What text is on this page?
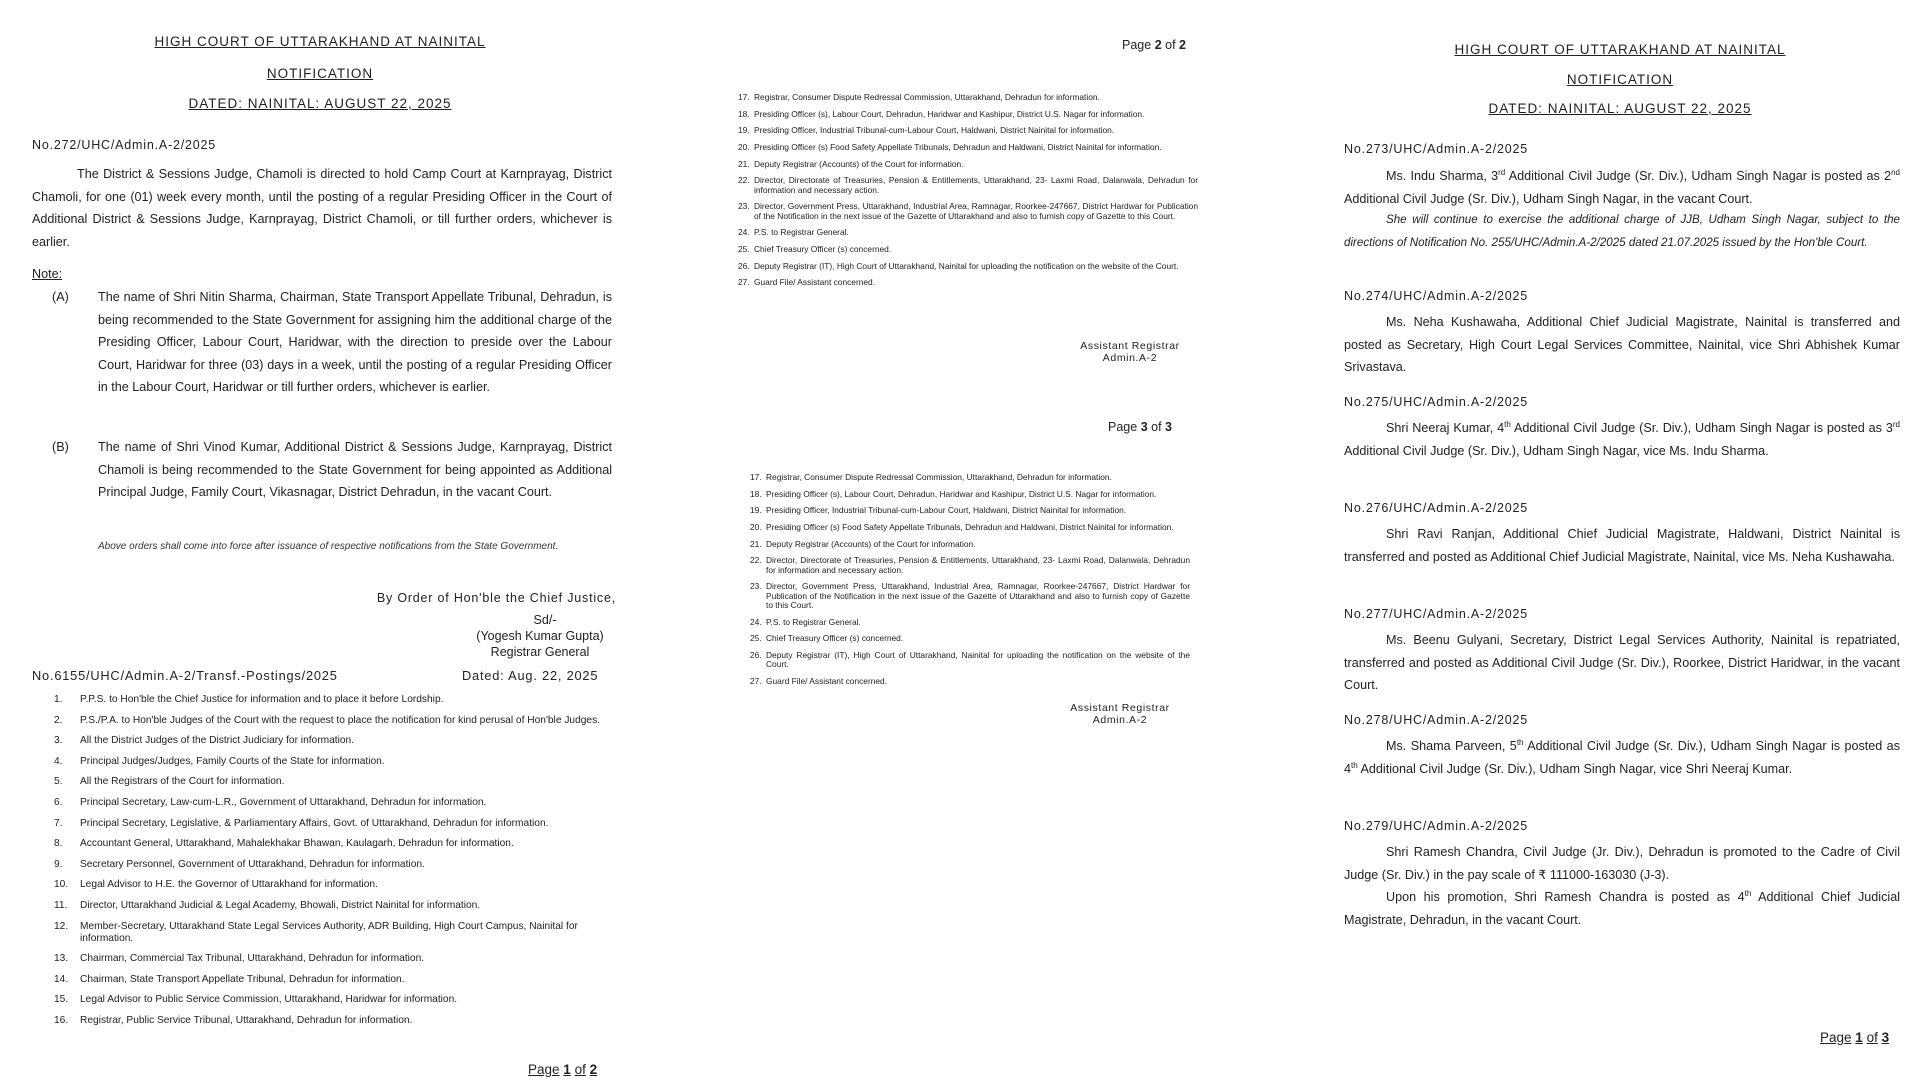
HIGH COURT OF UTTARAKHAND AT NAINITAL
NOTIFICATION
DATED: NAINITAL: AUGUST 22, 2025
No.272/UHC/Admin.A-2/2025

The District & Sessions Judge, Chamoli is directed to hold Camp Court at Karnprayag, District Chamoli, for one (01) week every month, until the posting of a regular Presiding Officer in the Court of Additional District & Sessions Judge, Karnprayag, District Chamoli, or till further orders, whichever is earlier.

Note:
(A) The name of Shri Nitin Sharma, Chairman, State Transport Appellate Tribunal, Dehradun, is being recommended to the State Government for assigning him the additional charge of the Presiding Officer, Labour Court, Haridwar, with the direction to preside over the Labour Court, Haridwar for three (03) days in a week, until the posting of a regular Presiding Officer in the Labour Court, Haridwar or till further orders, whichever is earlier.

(B) The name of Shri Vinod Kumar, Additional District & Sessions Judge, Karnprayag, District Chamoli is being recommended to the State Government for being appointed as Additional Principal Judge, Family Court, Vikasnagar, District Dehradun, in the vacant Court.

Above orders shall come into force after issuance of respective notifications from the State Government.

By Order of Hon'ble the Chief Justice,
Sd/-
(Yogesh Kumar Gupta)
Registrar General
No.6155/UHC/Admin.A-2/Transf.-Postings/2025	Dated: Aug. 22, 2025
1. P.P.S. to Hon'ble the Chief Justice for information and to place it before Lordship.
2. P.S./P.A. to Hon'ble Judges of the Court with the request to place the notification for kind perusal of Hon'ble Judges.
3. All the District Judges of the District Judiciary for information.
4. Principal Judges/Judges, Family Courts of the State for information.
5. All the Registrars of the Court for information.
6. Principal Secretary, Law-cum-L.R., Government of Uttarakhand, Dehradun for information.
7. Principal Secretary, Legislative, & Parliamentary Affairs, Govt. of Uttarakhand, Dehradun for information.
8. Accountant General, Uttarakhand, Mahalekhakar Bhawan, Kaulagarh, Dehradun for information.
9. Secretary Personnel, Government of Uttarakhand, Dehradun for information.
10. Legal Advisor to H.E. the Governor of Uttarakhand for information.
11. Director, Uttarakhand Judicial & Legal Academy, Bhowali, District Nainital for information.
12. Member-Secretary, Uttarakhand State Legal Services Authority, ADR Building, High Court Campus, Nainital for information.
13. Chairman, Commercial Tax Tribunal, Uttarakhand, Dehradun for information.
14. Chairman, State Transport Appellate Tribunal, Dehradun for information.
15. Legal Advisor to Public Service Commission, Uttarakhand, Haridwar for information.
16. Registrar, Public Service Tribunal, Uttarakhand, Dehradun for information.
Page 1 of 2
Page 2 of 2
17. Registrar, Consumer Dispute Redressal Commission, Uttarakhand, Dehradun for information.
18. Presiding Officer (s), Labour Court, Dehradun, Haridwar and Kashipur, District U.S. Nagar for information.
19. Presiding Officer, Industrial Tribunal-cum-Labour Court, Haldwani, District Nainital for information.
20. Presiding Officer (s) Food Safety Appellate Tribunals, Dehradun and Haldwani, District Nainital for information.
21. Deputy Registrar (Accounts) of the Court for information.
22. Director, Directorate of Treasuries, Pension & Entitlements, Uttarakhand, 23- Laxmi Road, Dalanwala, Dehradun for information and necessary action.
23. Director, Government Press, Uttarakhand, Industrial Area, Ramnagar, Roorkee-247667, District Hardwar for Publication of the Notification in the next issue of the Gazette of Uttarakhand and also to furnish copy of Gazette to this Court.
24. P.S. to Registrar General.
25. Chief Treasury Officer (s) concerned.
26. Deputy Registrar (IT), High Court of Uttarakhand, Nainital for uploading the notification on the website of the Court.
27. Guard File/ Assistant concerned.
Assistant Registrar
Admin.A-2
Page 3 of 3
17. Registrar, Consumer Dispute Redressal Commission, Uttarakhand, Dehradun for information.
18. Presiding Officer (s), Labour Court, Dehradun, Haridwar and Kashipur, District U.S. Nagar for information.
19. Presiding Officer, Industrial Tribunal-cum-Labour Court, Haldwani, District Nainital for information.
20. Presiding Officer (s) Food Safety Appellate Tribunals, Dehradun and Haldwani, District Nainital for information.
21. Deputy Registrar (Accounts) of the Court for information.
22. Director, Directorate of Treasuries, Pension & Entitlements, Uttarakhand, 23- Laxmi Road, Dalanwala, Dehradun for information and necessary action.
23. Director, Government Press, Uttarakhand, Industrial Area, Ramnagar, Roorkee-247667, District Hardwar for Publication of the Notification in the next issue of the Gazette of Uttarakhand and also to furnish copy of Gazette to this Court.
24. P.S. to Registrar General.
25. Chief Treasury Officer (s) concerned.
26. Deputy Registrar (IT), High Court of Uttarakhand, Nainital for uploading the notification on the website of the Court.
27. Guard File/ Assistant concerned.
Assistant Registrar
Admin.A-2
HIGH COURT OF UTTARAKHAND AT NAINITAL
NOTIFICATION
DATED: NAINITAL: AUGUST 22, 2025
No.273/UHC/Admin.A-2/2025

Ms. Indu Sharma, 3rd Additional Civil Judge (Sr. Div.), Udham Singh Nagar is posted as 2nd Additional Civil Judge (Sr. Div.), Udham Singh Nagar, in the vacant Court.

She will continue to exercise the additional charge of JJB, Udham Singh Nagar, subject to the directions of Notification No. 255/UHC/Admin.A-2/2025 dated 21.07.2025 issued by the Hon'ble Court.

No.274/UHC/Admin.A-2/2025

Ms. Neha Kushawaha, Additional Chief Judicial Magistrate, Nainital is transferred and posted as Secretary, High Court Legal Services Committee, Nainital, vice Shri Abhishek Kumar Srivastava.

No.275/UHC/Admin.A-2/2025

Shri Neeraj Kumar, 4th Additional Civil Judge (Sr. Div.), Udham Singh Nagar is posted as 3rd Additional Civil Judge (Sr. Div.), Udham Singh Nagar, vice Ms. Indu Sharma.

No.276/UHC/Admin.A-2/2025

Shri Ravi Ranjan, Additional Chief Judicial Magistrate, Haldwani, District Nainital is transferred and posted as Additional Chief Judicial Magistrate, Nainital, vice Ms. Neha Kushawaha.

No.277/UHC/Admin.A-2/2025

Ms. Beenu Gulyani, Secretary, District Legal Services Authority, Nainital is repatriated, transferred and posted as Additional Civil Judge (Sr. Div.), Roorkee, District Haridwar, in the vacant Court.

No.278/UHC/Admin.A-2/2025

Ms. Shama Parveen, 5th Additional Civil Judge (Sr. Div.), Udham Singh Nagar is posted as 4th Additional Civil Judge (Sr. Div.), Udham Singh Nagar, vice Shri Neeraj Kumar.

No.279/UHC/Admin.A-2/2025

Shri Ramesh Chandra, Civil Judge (Jr. Div.), Dehradun is promoted to the Cadre of Civil Judge (Sr. Div.) in the pay scale of ₹ 111000-163030 (J-3).

Upon his promotion, Shri Ramesh Chandra is posted as 4th Additional Chief Judicial Magistrate, Dehradun, in the vacant Court.

Page 1 of 3
